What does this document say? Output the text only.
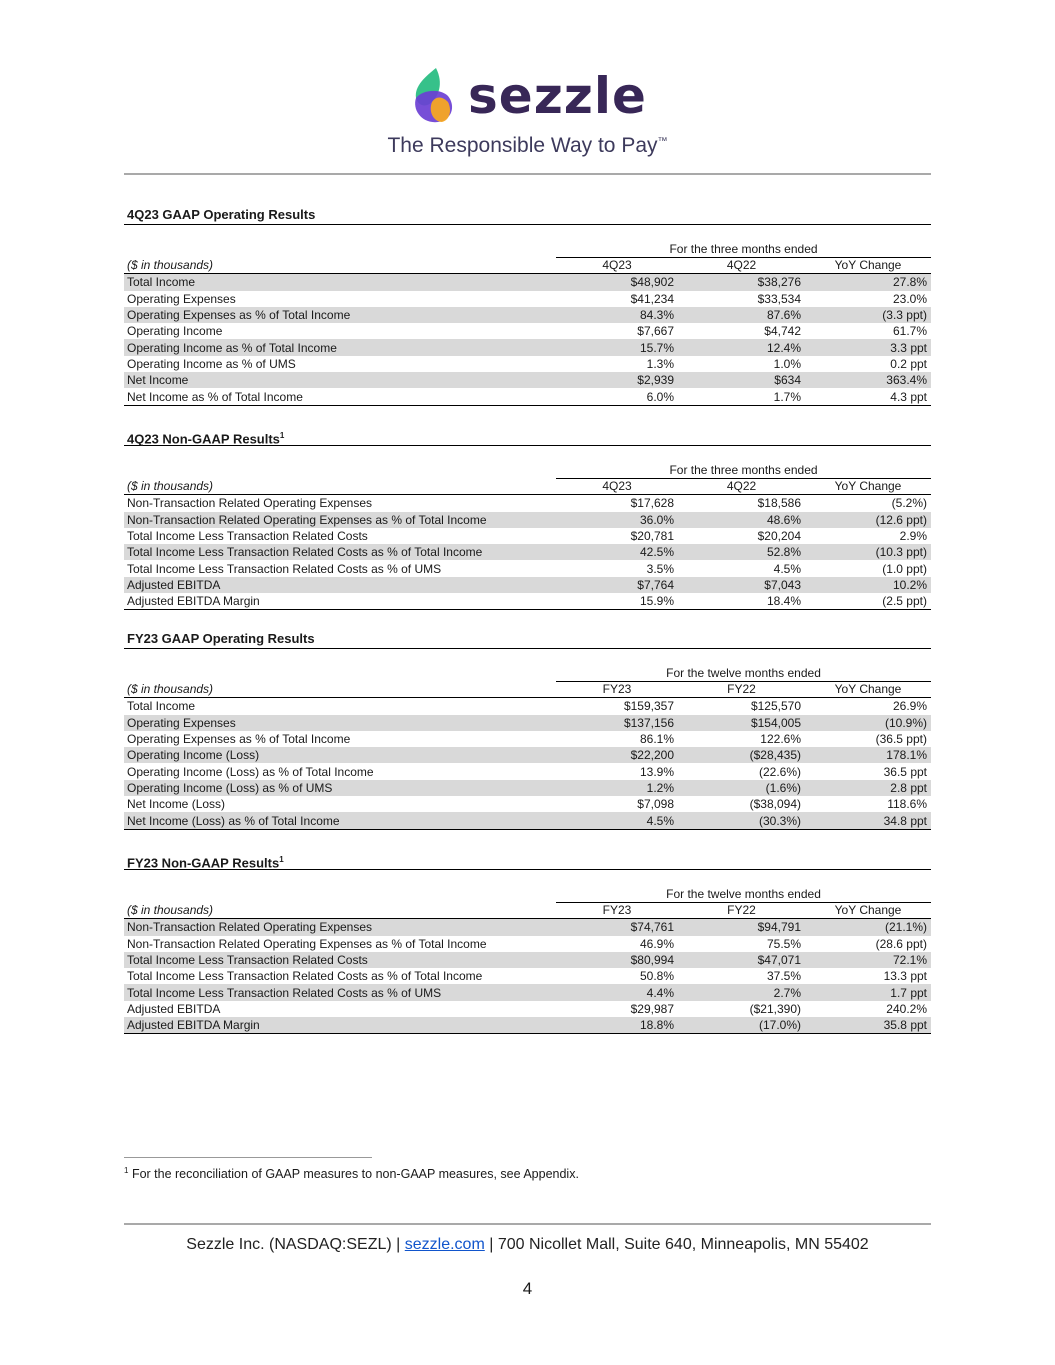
sezzle
The Responsible Way to Pay™
4Q23 GAAP Operating Results
For the three months ended
($ in thousands)	4Q23	4Q22	YoY Change
Total Income	$48,902	$38,276	27.8%
Operating Expenses	$41,234	$33,534	23.0%
Operating Expenses as % of Total Income	84.3%	87.6%	(3.3 ppt)
Operating Income	$7,667	$4,742	61.7%
Operating Income as % of Total Income	15.7%	12.4%	3.3 ppt
Operating Income as % of UMS	1.3%	1.0%	0.2 ppt
Net Income	$2,939	$634	363.4%
Net Income as % of Total Income	6.0%	1.7%	4.3 ppt
4Q23 Non-GAAP Results$^1$
For the three months ended
($ in thousands)	4Q23	4Q22	YoY Change
Non-Transaction Related Operating Expenses	$17,628	$18,586	(5.2%)
Non-Transaction Related Operating Expenses as % of Total Income	36.0%	48.6%	(12.6 ppt)
Total Income Less Transaction Related Costs	$20,781	$20,204	2.9%
Total Income Less Transaction Related Costs as % of Total Income	42.5%	52.8%	(10.3 ppt)
Total Income Less Transaction Related Costs as % of UMS	3.5%	4.5%	(1.0 ppt)
Adjusted EBITDA	$7,764	$7,043	10.2%
Adjusted EBITDA Margin	15.9%	18.4%	(2.5 ppt)
FY23 GAAP Operating Results
For the twelve months ended
($ in thousands)	FY23	FY22	YoY Change
Total Income	$159,357	$125,570	26.9%
Operating Expenses	$137,156	$154,005	(10.9%)
Operating Expenses as % of Total Income	86.1%	122.6%	(36.5 ppt)
Operating Income (Loss)	$22,200	($28,435)	178.1%
Operating Income (Loss) as % of Total Income	13.9%	(22.6%)	36.5 ppt
Operating Income (Loss) as % of UMS	1.2%	(1.6%)	2.8 ppt
Net Income (Loss)	$7,098	($38,094)	118.6%
Net Income (Loss) as % of Total Income	4.5%	(30.3%)	34.8 ppt
FY23 Non-GAAP Results$^1$
For the twelve months ended
($ in thousands)	FY23	FY22	YoY Change
Non-Transaction Related Operating Expenses	$74,761	$94,791	(21.1%)
Non-Transaction Related Operating Expenses as % of Total Income	46.9%	75.5%	(28.6 ppt)
Total Income Less Transaction Related Costs	$80,994	$47,071	72.1%
Total Income Less Transaction Related Costs as % of Total Income	50.8%	37.5%	13.3 ppt
Total Income Less Transaction Related Costs as % of UMS	4.4%	2.7%	1.7 ppt
Adjusted EBITDA	$29,987	($21,390)	240.2%
Adjusted EBITDA Margin	18.8%	(17.0%)	35.8 ppt
$^1$ For the reconciliation of GAAP measures to non-GAAP measures, see Appendix.
Sezzle Inc. (NASDAQ:SEZL) | sezzle.com | 700 Nicollet Mall, Suite 640, Minneapolis, MN 55402
4
